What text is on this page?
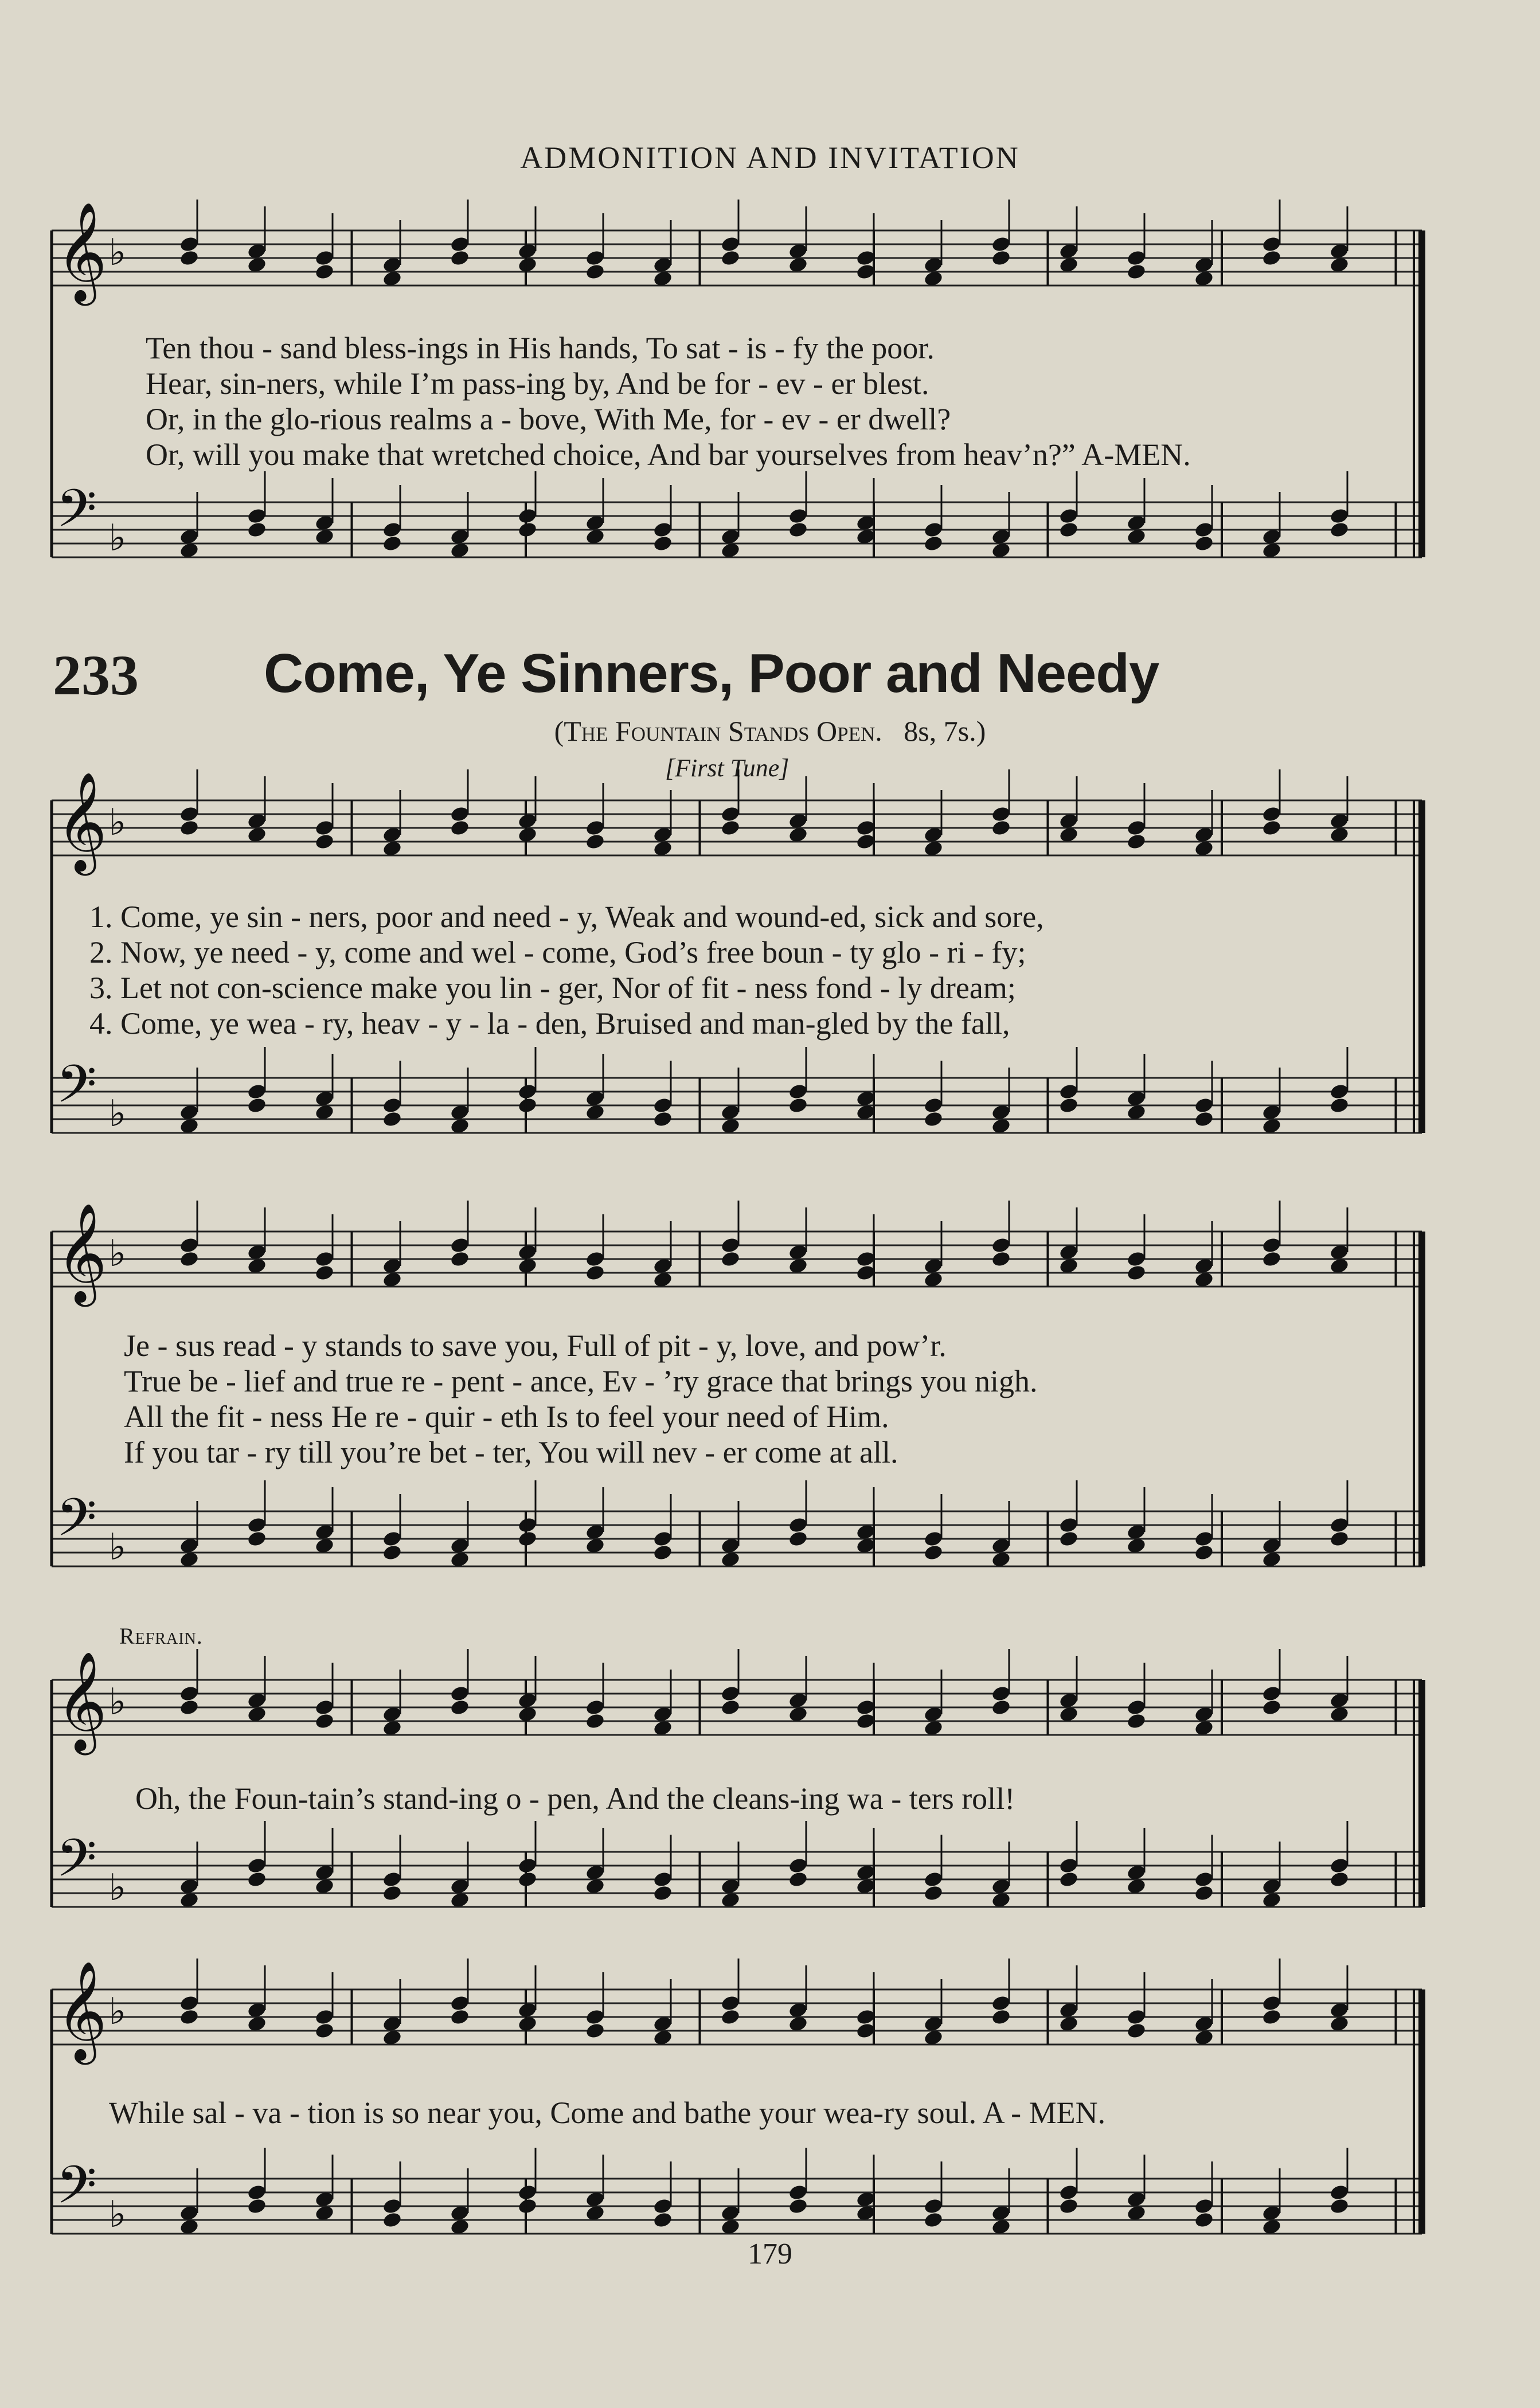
ADMONITION AND INVITATION
𝄞 ♭
𝄢 ♭
Ten thou - sand bless-ings in His hands, To sat - is - fy the poor.
Hear, sin-ners, while I’m pass-ing by, And be for - ev - er blest.
Or, in the glo-rious realms a - bove, With Me, for - ev - er dwell?
Or, will you make that wretched choice, And bar yourselves from heav’n?” A-MEN.
233 Come, Ye Sinners, Poor and Needy
(The Fountain Stands Open. 8s, 7s.)
[First Tune]
𝄞 ♭
𝄢 ♭
1. Come, ye sin - ners, poor and need - y, Weak and wound-ed, sick and sore,
2. Now, ye need - y, come and wel - come, God’s free boun - ty glo - ri - fy;
3. Let not con-science make you lin - ger, Nor of fit - ness fond - ly dream;
4. Come, ye wea - ry, heav - y - la - den, Bruised and man-gled by the fall,
𝄞 ♭
𝄢 ♭
Je - sus read - y stands to save you, Full of pit - y, love, and pow’r.
True be - lief and true re - pent - ance, Ev - ’ry grace that brings you nigh.
All the fit - ness He re - quir - eth Is to feel your need of Him.
If you tar - ry till you’re bet - ter, You will nev - er come at all.
Refrain.
𝄞 ♭
𝄢 ♭
Oh, the Foun-tain’s stand-ing o - pen, And the cleans-ing wa - ters roll!
𝄞 ♭
𝄢 ♭
While sal - va - tion is so near you, Come and bathe your wea-ry soul. A - MEN.
179
